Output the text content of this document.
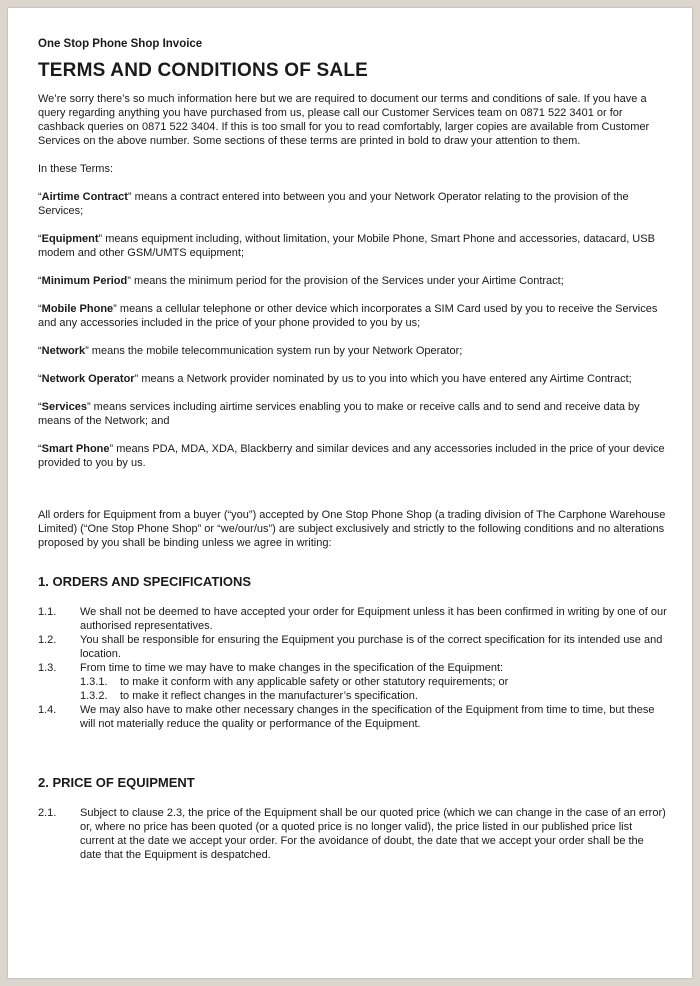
One Stop Phone Shop Invoice
TERMS AND CONDITIONS OF SALE

We’re sorry there’s so much information here but we are required to document our terms and conditions of sale. If you have a query regarding anything you have purchased from us, please call our Customer Services team on 0871 522 3401 or for cashback queries on 0871 522 3404. If this is too small for you to read comfortably, larger copies are available from Customer Services on the above number. Some sections of these terms are printed in bold to draw your attention to them.

In these Terms:

“Airtime Contract” means a contract entered into between you and your Network Operator relating to the provision of the Services;

“Equipment” means equipment including, without limitation, your Mobile Phone, Smart Phone and accessories, datacard, USB modem and other GSM/UMTS equipment;

“Minimum Period” means the minimum period for the provision of the Services under your Airtime Contract;

“Mobile Phone” means a cellular telephone or other device which incorporates a SIM Card used by you to receive the Services and any accessories included in the price of your phone provided to you by us;

“Network” means the mobile telecommunication system run by your Network Operator;

“Network Operator” means a Network provider nominated by us to you into which you have entered any Airtime Contract;

“Services” means services including airtime services enabling you to make or receive calls and to send and receive data by means of the Network; and

“Smart Phone” means PDA, MDA, XDA, Blackberry and similar devices and any accessories included in the price of your device provided to you by us.

All orders for Equipment from a buyer (“you”) accepted by One Stop Phone Shop (a trading division of The Carphone Warehouse Limited) (“One Stop Phone Shop” or “we/our/us”) are subject exclusively and strictly to the following conditions and no alterations proposed by you shall be binding unless we agree in writing:

1. ORDERS AND SPECIFICATIONS
1.1.	We shall not be deemed to have accepted your order for Equipment unless it has been confirmed in writing by one of our authorised representatives.
1.2.	You shall be responsible for ensuring the Equipment you purchase is of the correct specification for its intended use and location.
1.3.	From time to time we may have to make changes in the specification of the Equipment:
1.3.1.	to make it conform with any applicable safety or other statutory requirements; or
1.3.2.	to make it reflect changes in the manufacturer’s specification.
1.4.	We may also have to make other necessary changes in the specification of the Equipment from time to time, but these will not materially reduce the quality or performance of the Equipment.
2. PRICE OF EQUIPMENT
2.1.	Subject to clause 2.3, the price of the Equipment shall be our quoted price (which we can change in the case of an error) or, where no price has been quoted (or a quoted price is no longer valid), the price listed in our published price list current at the date we accept your order. For the avoidance of doubt, the date that we accept your order shall be the date that the Equipment is despatched.
